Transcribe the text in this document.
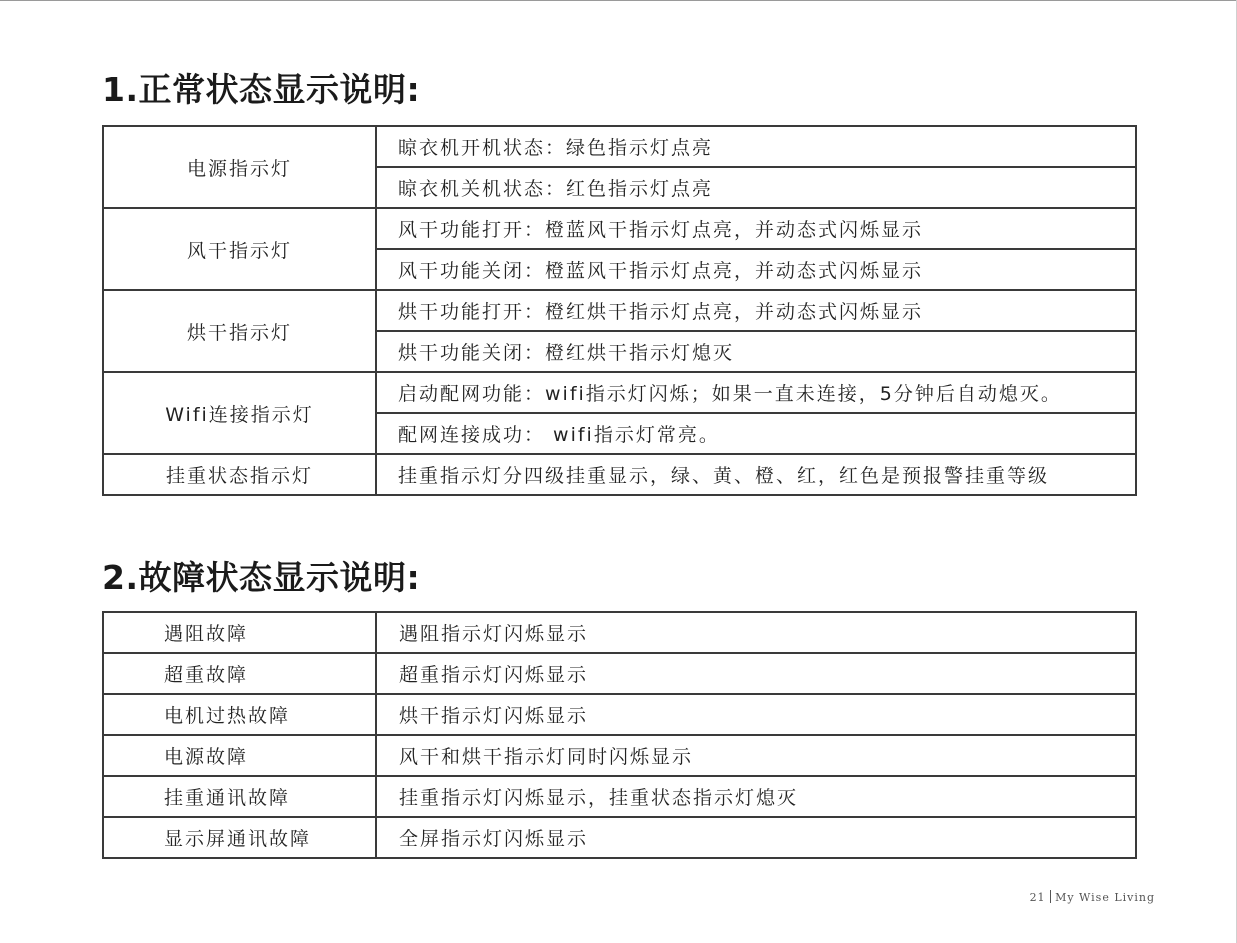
1.正常状态显示说明:
电源指示灯	晾衣机开机状态：绿色指示灯点亮
	晾衣机关机状态：红色指示灯点亮
风干指示灯	风干功能打开：橙蓝风干指示灯点亮，并动态式闪烁显示
	风干功能关闭：橙蓝风干指示灯点亮，并动态式闪烁显示
烘干指示灯	烘干功能打开：橙红烘干指示灯点亮，并动态式闪烁显示
	烘干功能关闭：橙红烘干指示灯熄灭
Wifi连接指示灯	启动配网功能：wifi指示灯闪烁；如果一直未连接，5分钟后自动熄灭。
	配网连接成功： wifi指示灯常亮。
挂重状态指示灯	挂重指示灯分四级挂重显示，绿、黄、橙、红，红色是预报警挂重等级
2.故障状态显示说明:
遇阻故障	遇阻指示灯闪烁显示
超重故障	超重指示灯闪烁显示
电机过热故障	烘干指示灯闪烁显示
电源故障	风干和烘干指示灯同时闪烁显示
挂重通讯故障	挂重指示灯闪烁显示，挂重状态指示灯熄灭
显示屏通讯故障	全屏指示灯闪烁显示
21 My Wise Living
